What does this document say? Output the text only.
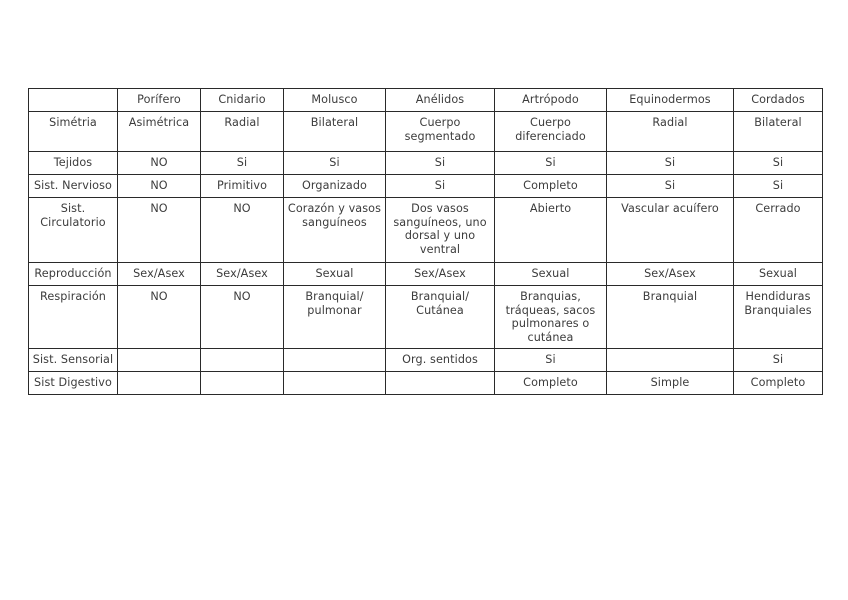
	Porífero	Cnidario	Molusco	Anélidos	Artrópodo	Equinodermos	Cordados
Simétria	Asimétrica	Radial	Bilateral	Cuerpo segmentado	Cuerpo diferenciado	Radial	Bilateral
Tejidos	NO	Si	Si	Si	Si	Si	Si
Sist. Nervioso	NO	Primitivo	Organizado	Si	Completo	Si	Si
Sist. Circulatorio	NO	NO	Corazón y vasos sanguíneos	Dos vasos sanguíneos, uno dorsal y uno ventral	Abierto	Vascular acuífero	Cerrado
Reproducción	Sex/Asex	Sex/Asex	Sexual	Sex/Asex	Sexual	Sex/Asex	Sexual
Respiración	NO	NO	Branquial/ pulmonar	Branquial/ Cutánea	Branquias, tráqueas, sacos pulmonares o cutánea	Branquial	Hendiduras Branquiales
Sist. Sensorial				Org. sentidos	Si		Si
Sist Digestivo					Completo	Simple	Completo
